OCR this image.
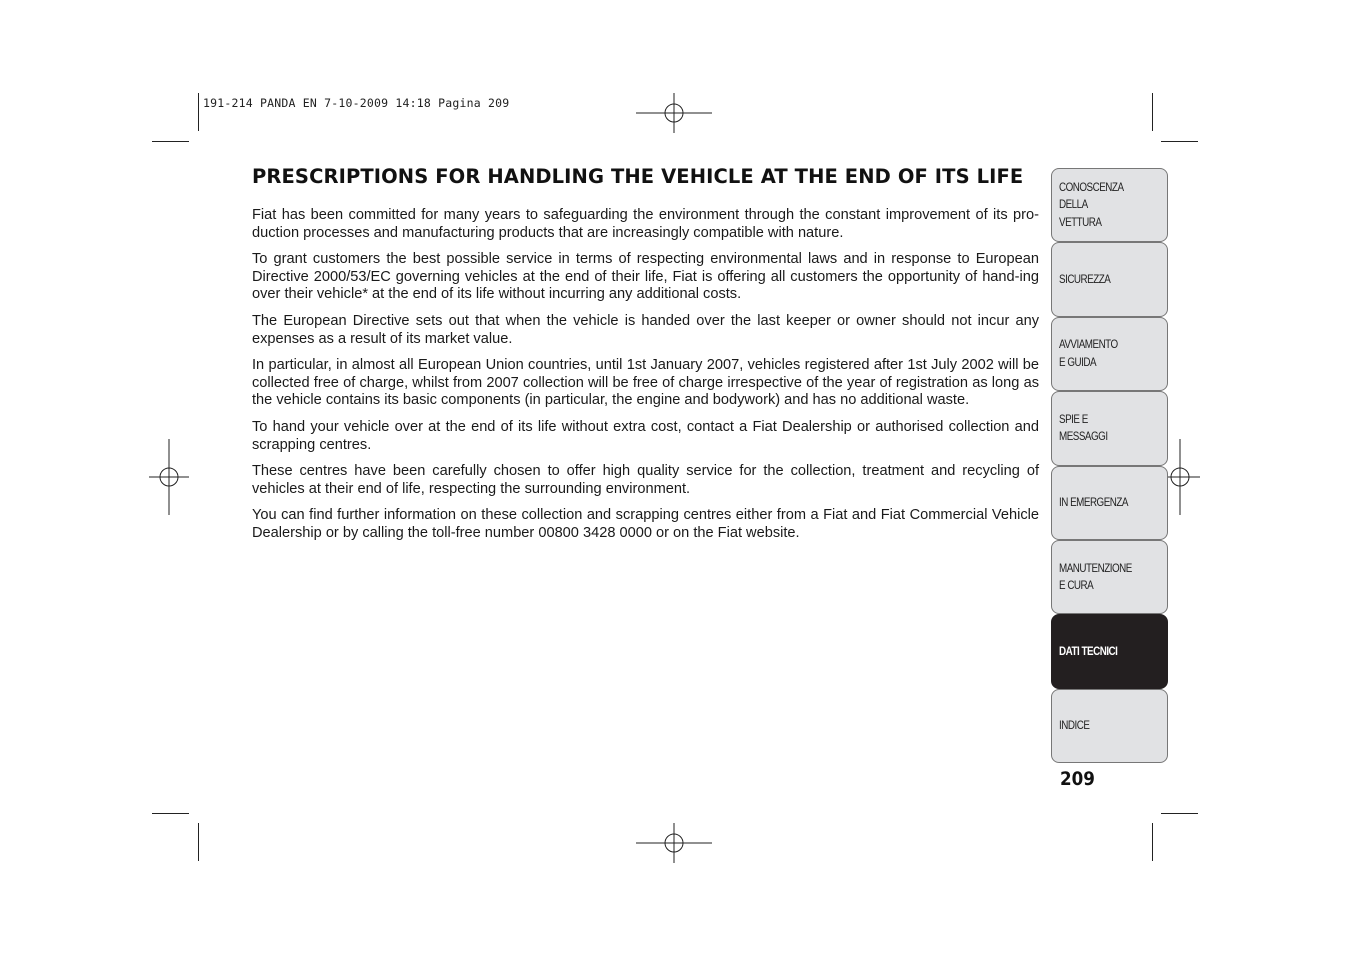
191-214 PANDA EN 7-10-2009 14:18 Pagina 209
PRESCRIPTIONS FOR HANDLING THE VEHICLE AT THE END OF ITS LIFE

Fiat has been committed for many years to safeguarding the environment through the constant improvement of its pro-duction processes and manufacturing products that are increasingly compatible with nature.

To grant customers the best possible service in terms of respecting environmental laws and in response to European Directive 2000/53/EC governing vehicles at the end of their life, Fiat is offering all customers the opportunity of hand-ing over their vehicle* at the end of its life without incurring any additional costs.

The European Directive sets out that when the vehicle is handed over the last keeper or owner should not incur any expenses as a result of its market value.

In particular, in almost all European Union countries, until 1st January 2007, vehicles registered after 1st July 2002 will be collected free of charge, whilst from 2007 collection will be free of charge irrespective of the year of registration as long as the vehicle contains its basic components (in particular, the engine and bodywork) and has no additional waste.

To hand your vehicle over at the end of its life without extra cost, contact a Fiat Dealership or authorised collection and scrapping centres.

These centres have been carefully chosen to offer high quality service for the collection, treatment and recycling of vehicles at their end of life, respecting the surrounding environment.

You can find further information on these collection and scrapping centres either from a Fiat and Fiat Commercial Vehicle Dealership or by calling the toll-free number 00800 3428 0000 or on the Fiat website.

CONOSCENZA
DELLA
VETTURA
SICUREZZA
AVVIAMENTO
E GUIDA
SPIE E
MESSAGGI
IN EMERGENZA
MANUTENZIONE
E CURA
DATI TECNICI
INDICE
209
